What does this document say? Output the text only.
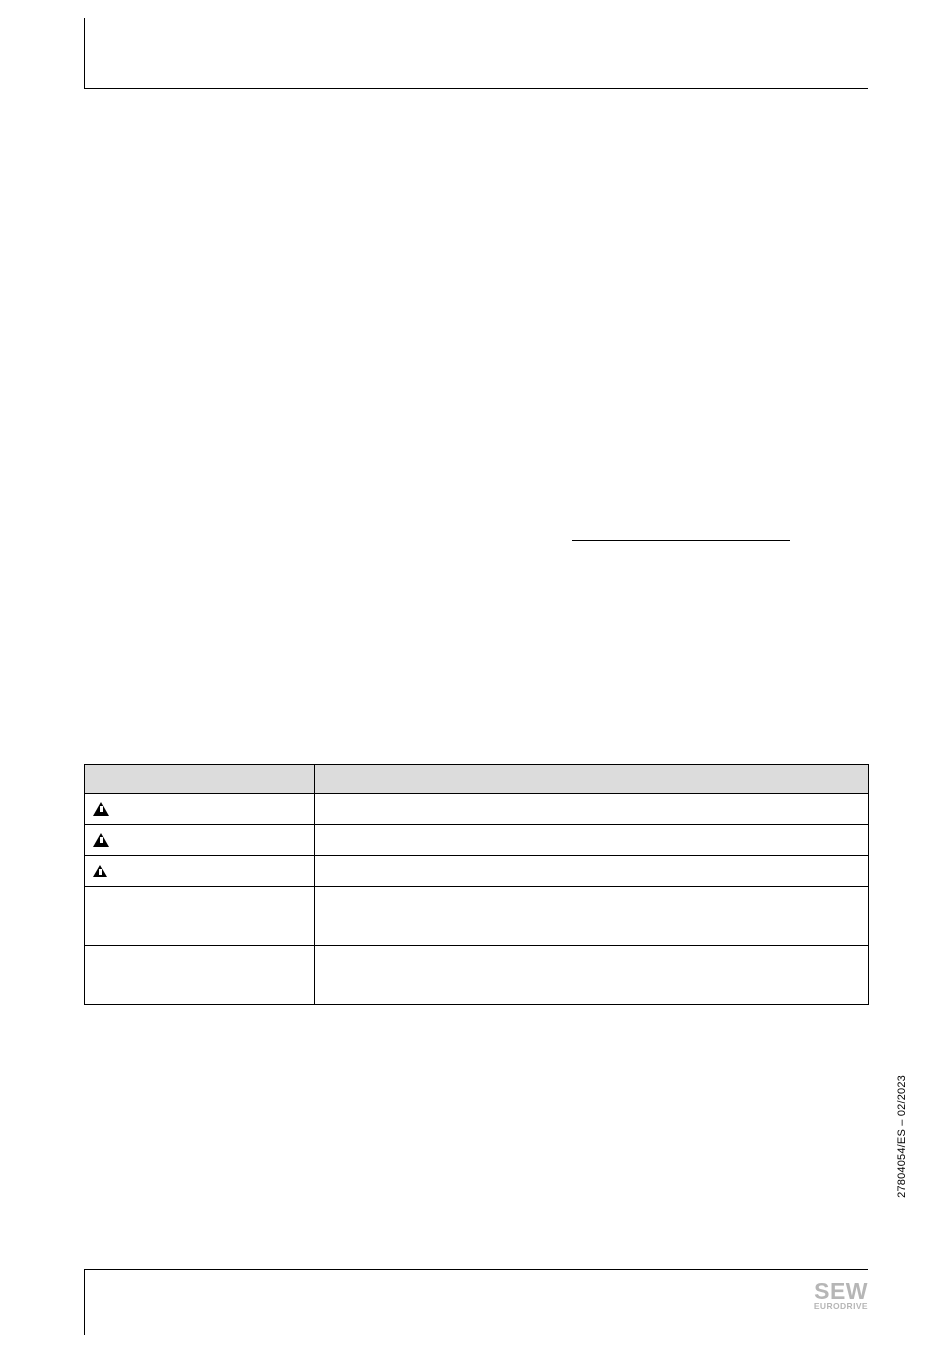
27804054/ES – 02/2023
SEW
EURODRIVE
